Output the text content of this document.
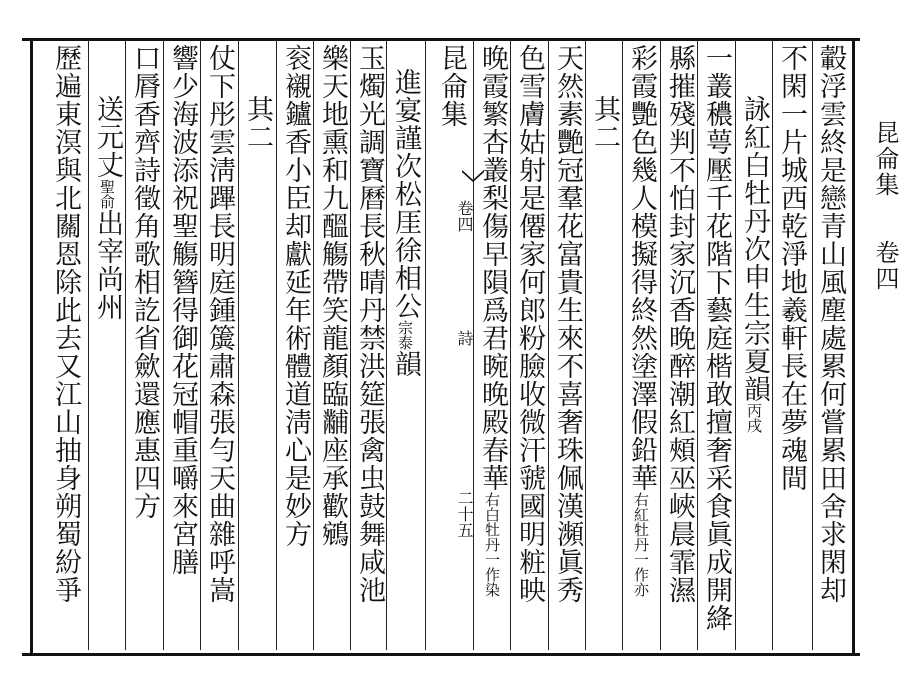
昆侖集
卷四
轂浮雲終是戀青山風塵處累何嘗累田舍求閑却
不閑一片城西乾淨地羲軒長在夢魂間
詠紅白牡丹次申生宗夏韻丙戌
一叢穠萼壓千花階下藝庭楷敢擅奢采食眞成開絳
縣摧殘判不怕封家沉香晚醉潮紅頰巫峽晨霏濕
彩霞艷色幾人模擬得終然塗澤假鉛華右紅牡丹一作亦
其二
天然素艷冠羣花富貴生來不喜奢珠佩漢瀕眞秀
色雪膚姑射是僊家何郎粉臉收微汗虢國明粧映
晚霞繁杏叢梨傷早隕爲君晼晚殿春華右白牡丹一作染
昆侖集
卷四
詩
二十五
進宴謹次松厓徐相公宗泰韻
玉燭光調寶曆長秋晴丹禁洪筵張禽虫鼓舞咸池
樂天地熏和九醞觴帶笑龍顏臨黼座承歡鵷
衮襯鑪香小臣却獻延年術體道淸心是妙方
其二
仗下彤雲淸蹕長明庭鍾簴肅森張勻天曲雜呼嵩
響少海波添祝聖觴簪得御花冠帽重嚼來宮膳
口脣香齊詩徵角歌相訖省歛還應惠四方
送元丈聖俞出宰尚州
歷遍東溟與北關恩除此去又江山抽身朔蜀紛爭
